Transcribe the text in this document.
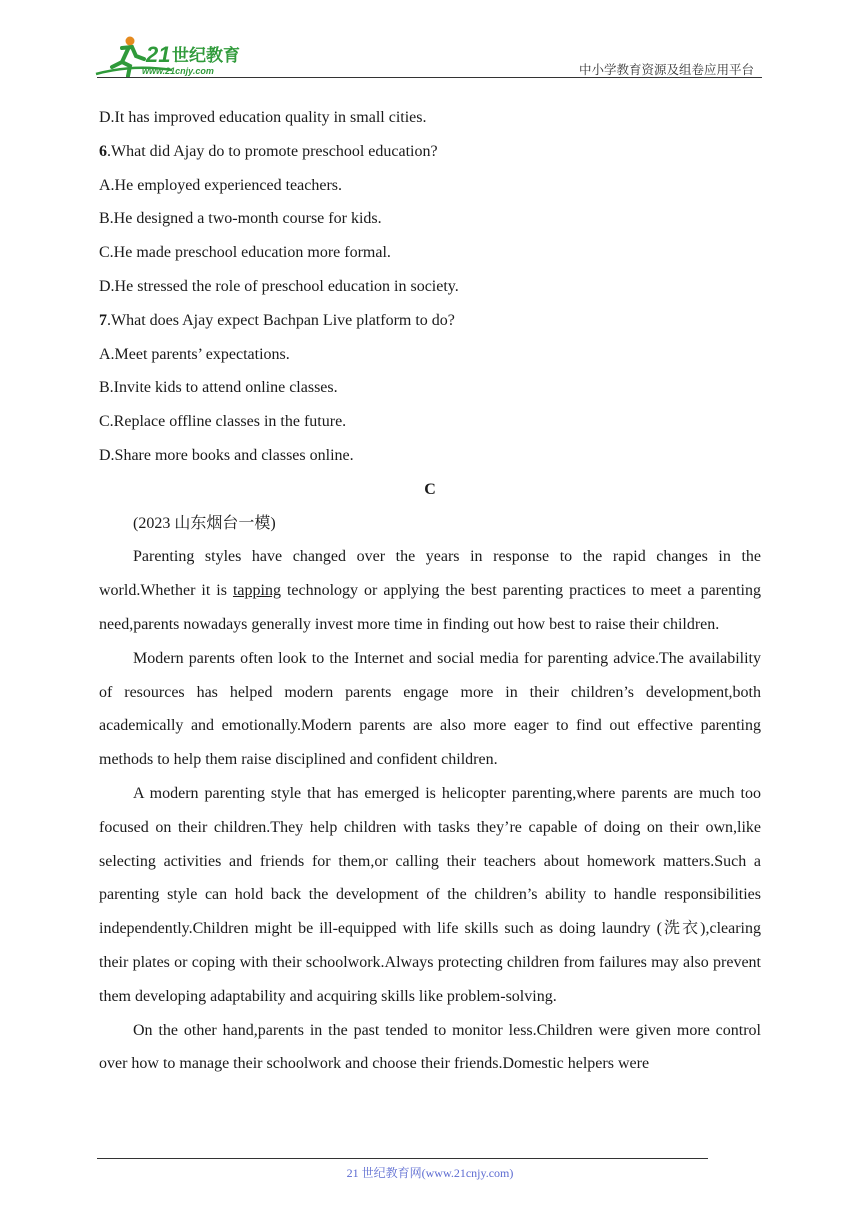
21 世纪教育
www.21cnjy.com	中小学教育资源及组卷应用平台
D.It has improved education quality in small cities.
6.What did Ajay do to promote preschool education?
A.He employed experienced teachers.
B.He designed a two-month course for kids.
C.He made preschool education more formal.
D.He stressed the role of preschool education in society.
7.What does Ajay expect Bachpan Live platform to do?
A.Meet parents’ expectations.
B.Invite kids to attend online classes.
C.Replace offline classes in the future.
D.Share more books and classes online.
C
(2023 山东烟台一模)

Parenting styles have changed over the years in response to the rapid changes in the world.Whether it is tapping technology or applying the best parenting practices to meet a parenting need,parents nowadays generally invest more time in finding out how best to raise their children.

Modern parents often look to the Internet and social media for parenting advice.The availability of resources has helped modern parents engage more in their children’s development,both academically and emotionally.Modern parents are also more eager to find out effective parenting methods to help them raise disciplined and confident children.

A modern parenting style that has emerged is helicopter parenting,where parents are much too focused on their children.They help children with tasks they’re capable of doing on their own,like selecting activities and friends for them,or calling their teachers about homework matters.Such a parenting style can hold back the development of the children’s ability to handle responsibilities independently.Children might be ill-equipped with life skills such as doing laundry (洗衣),clearing their plates or coping with their schoolwork.Always protecting children from failures may also prevent them developing adaptability and acquiring skills like problem-solving.

On the other hand,parents in the past tended to monitor less.Children were given more control over how to manage their schoolwork and choose their friends.Domestic helpers were

21 世纪教育网(www.21cnjy.com)
